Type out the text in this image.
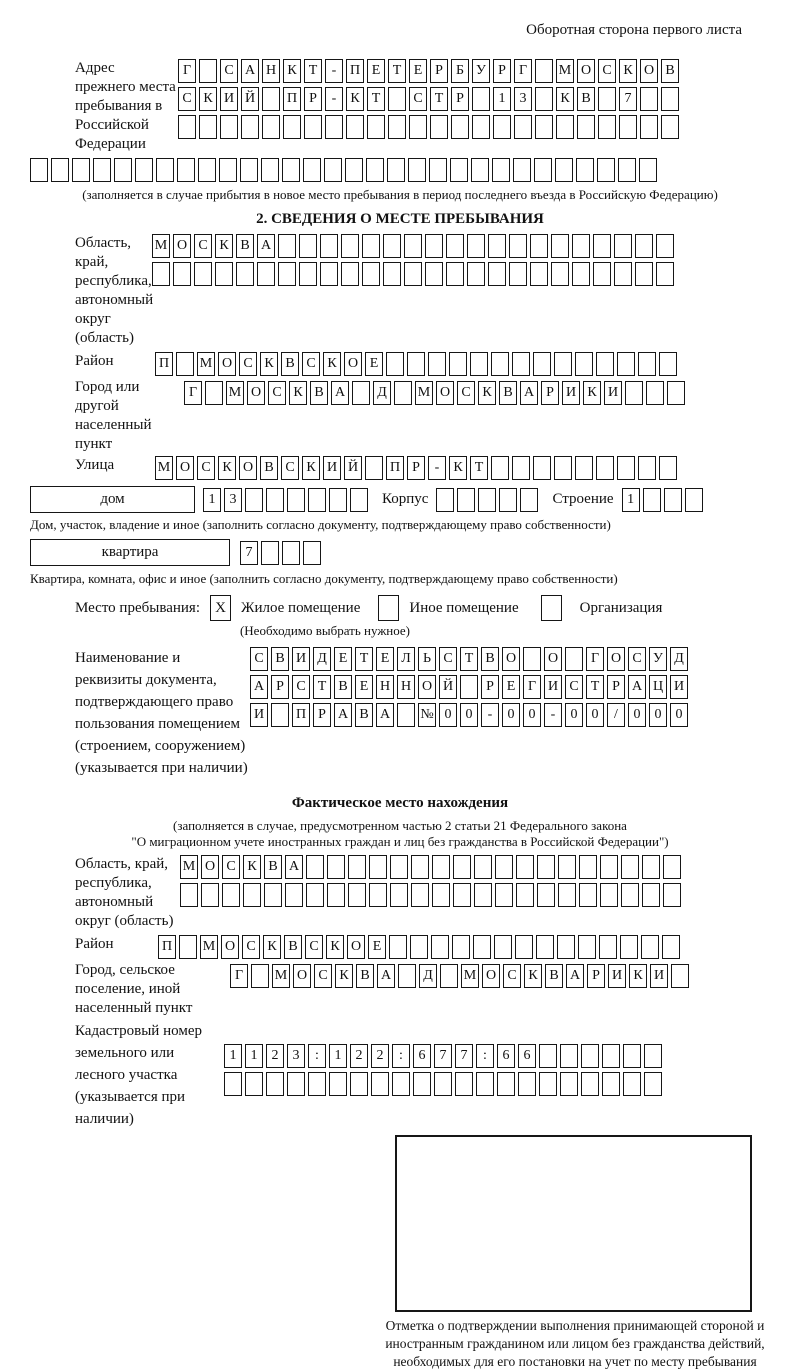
Оборотная сторона первого листа
Адрес прежнего места пребывания в Российской Федерации
Г	С А Н К Т	- П Е Т Е Р Б У Р Г	М О С К О В
С К И Й П Р	-	К Т	С Т Р	1	3	К В	7
(заполняется в случае прибытия в новое место пребывания в период последнего въезда в Российскую Федерацию)
2. СВЕДЕНИЯ О МЕСТЕ ПРЕБЫВАНИЯ
Область, край, республика, автономный округ (область)
М О С К В А
Район	П М О С К В С К О Е
Город или другой населенный пункт
Г	М О С К В А	Д	М О С К В А Р И К И
Улица	М О С К О В С К И Й П Р	-	К Т
дом	1	3	Корпус	Строение 1
Дом, участок, владение и иное (заполнить согласно документу, подтверждающему право собственности)
квартира	7
Квартира, комната, офис и иное (заполнить согласно документу, подтверждающему право собственности)
Место пребывания:	X	Жилое помещение	Иное помещение	Организация
(Необходимо выбрать нужное)
Наименование и реквизиты документа, подтверждающего право пользования помещением (строением, сооружением) (указывается при наличии)
С В И Д Е Т Е Л Ь С Т В О О	Г О С У Д
А Р С Т В Е Н Н О Й	Р Е Г И С Т Р А Ц И
И П Р А В А № 0	0	-	0	0	-	0	0	/	0	0	0
Фактическое место нахождения
(заполняется в случае, предусмотренном частью 2 статьи 21 Федерального закона
"О миграционном учете иностранных граждан и лиц без гражданства в Российской Федерации")
Область, край, республика, автономный округ (область)
М О С К В А
Район	П М О С К В С К О Е
Город, сельское поселение, иной населенный пункт
Г	М О С К В А	Д	М О С К В А Р И К И
Кадастровый номер земельного или лесного участка (указывается при наличии)
1	1	2	3	:	1	2	2	:	6	7	7	:	6	6
Отметка о подтверждении выполнения принимающей стороной и иностранным гражданином или лицом без гражданства действий, необходимых для его постановки на учет по месту пребывания
